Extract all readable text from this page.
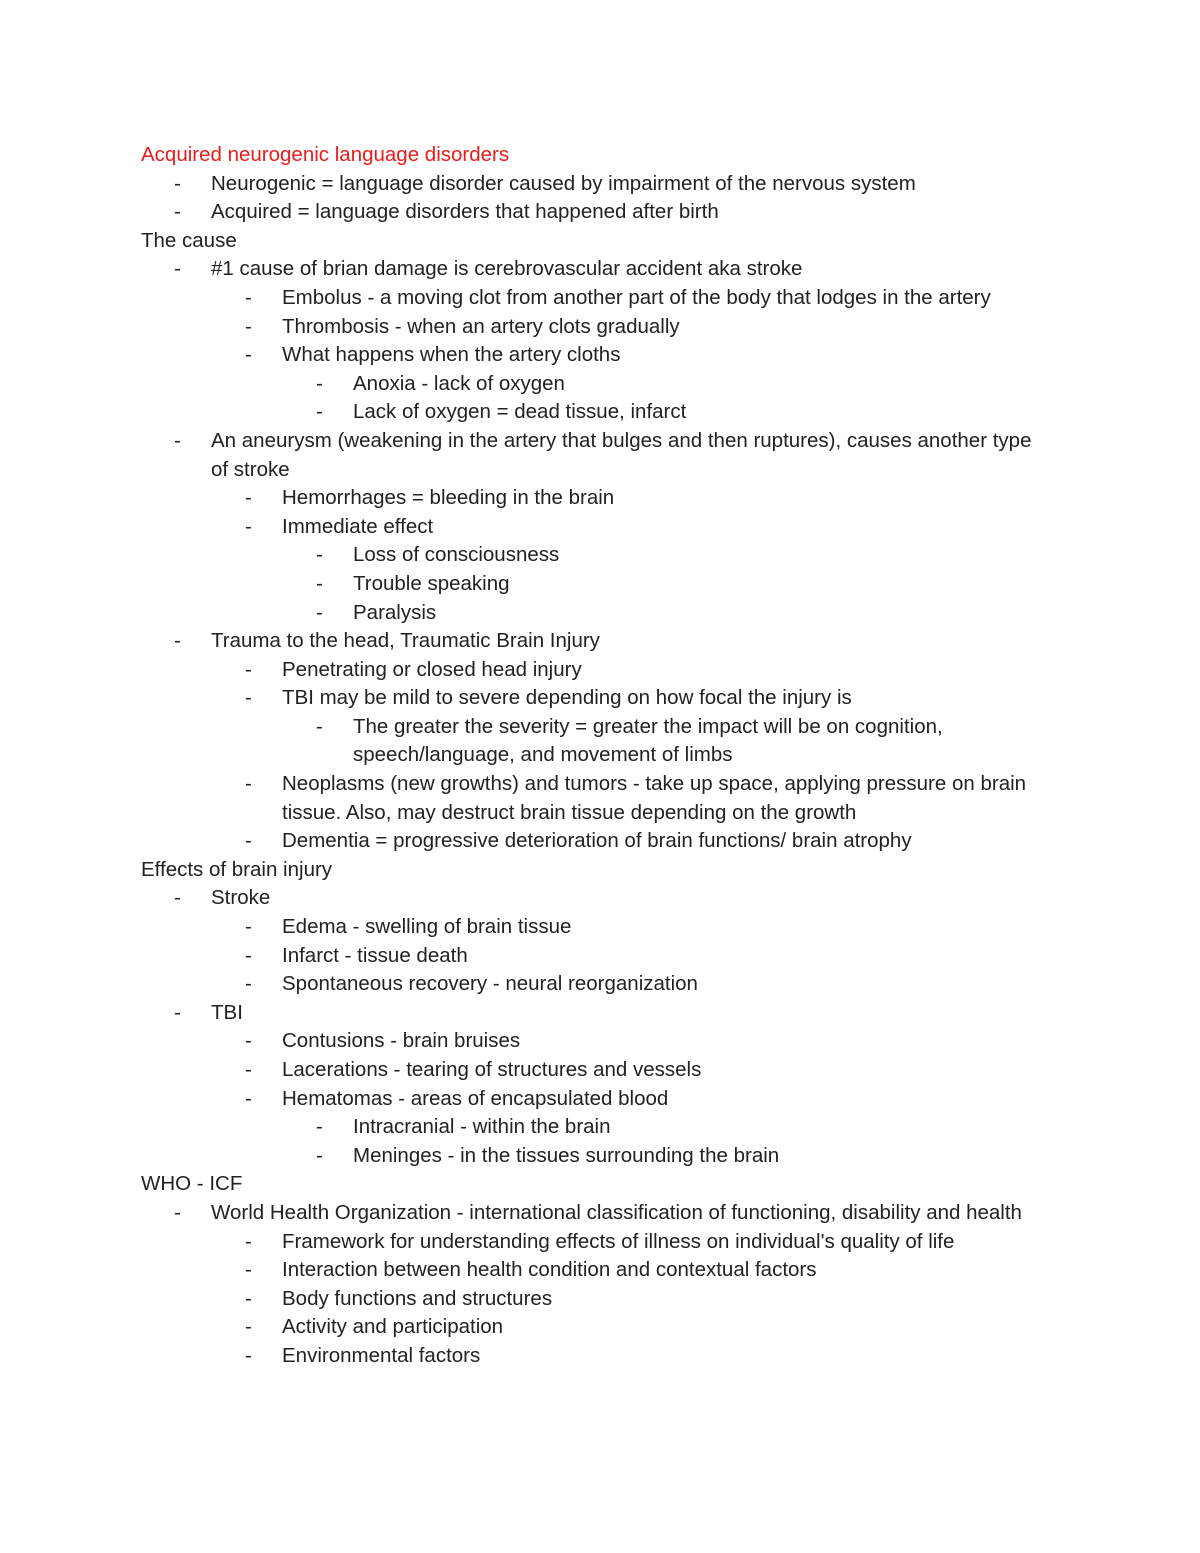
Acquired neurogenic language disorders
- Neurogenic = language disorder caused by impairment of the nervous system
- Acquired = language disorders that happened after birth
The cause
- #1 cause of brian damage is cerebrovascular accident aka stroke
- Embolus - a moving clot from another part of the body that lodges in the artery
- Thrombosis - when an artery clots gradually
- What happens when the artery cloths
- Anoxia - lack of oxygen
- Lack of oxygen = dead tissue, infarct
- An aneurysm (weakening in the artery that bulges and then ruptures), causes another type of stroke
- Hemorrhages = bleeding in the brain
- Immediate effect
- Loss of consciousness
- Trouble speaking
- Paralysis
- Trauma to the head, Traumatic Brain Injury
- Penetrating or closed head injury
- TBI may be mild to severe depending on how focal the injury is
- The greater the severity = greater the impact will be on cognition, speech/language, and movement of limbs
- Neoplasms (new growths) and tumors - take up space, applying pressure on brain tissue. Also, may destruct brain tissue depending on the growth
- Dementia = progressive deterioration of brain functions/ brain atrophy
Effects of brain injury
- Stroke
- Edema - swelling of brain tissue
- Infarct - tissue death
- Spontaneous recovery - neural reorganization
- TBI
- Contusions - brain bruises
- Lacerations - tearing of structures and vessels
- Hematomas - areas of encapsulated blood
- Intracranial - within the brain
- Meninges - in the tissues surrounding the brain
WHO - ICF
- World Health Organization - international classification of functioning, disability and health
- Framework for understanding effects of illness on individual's quality of life
- Interaction between health condition and contextual factors
- Body functions and structures
- Activity and participation
- Environmental factors
